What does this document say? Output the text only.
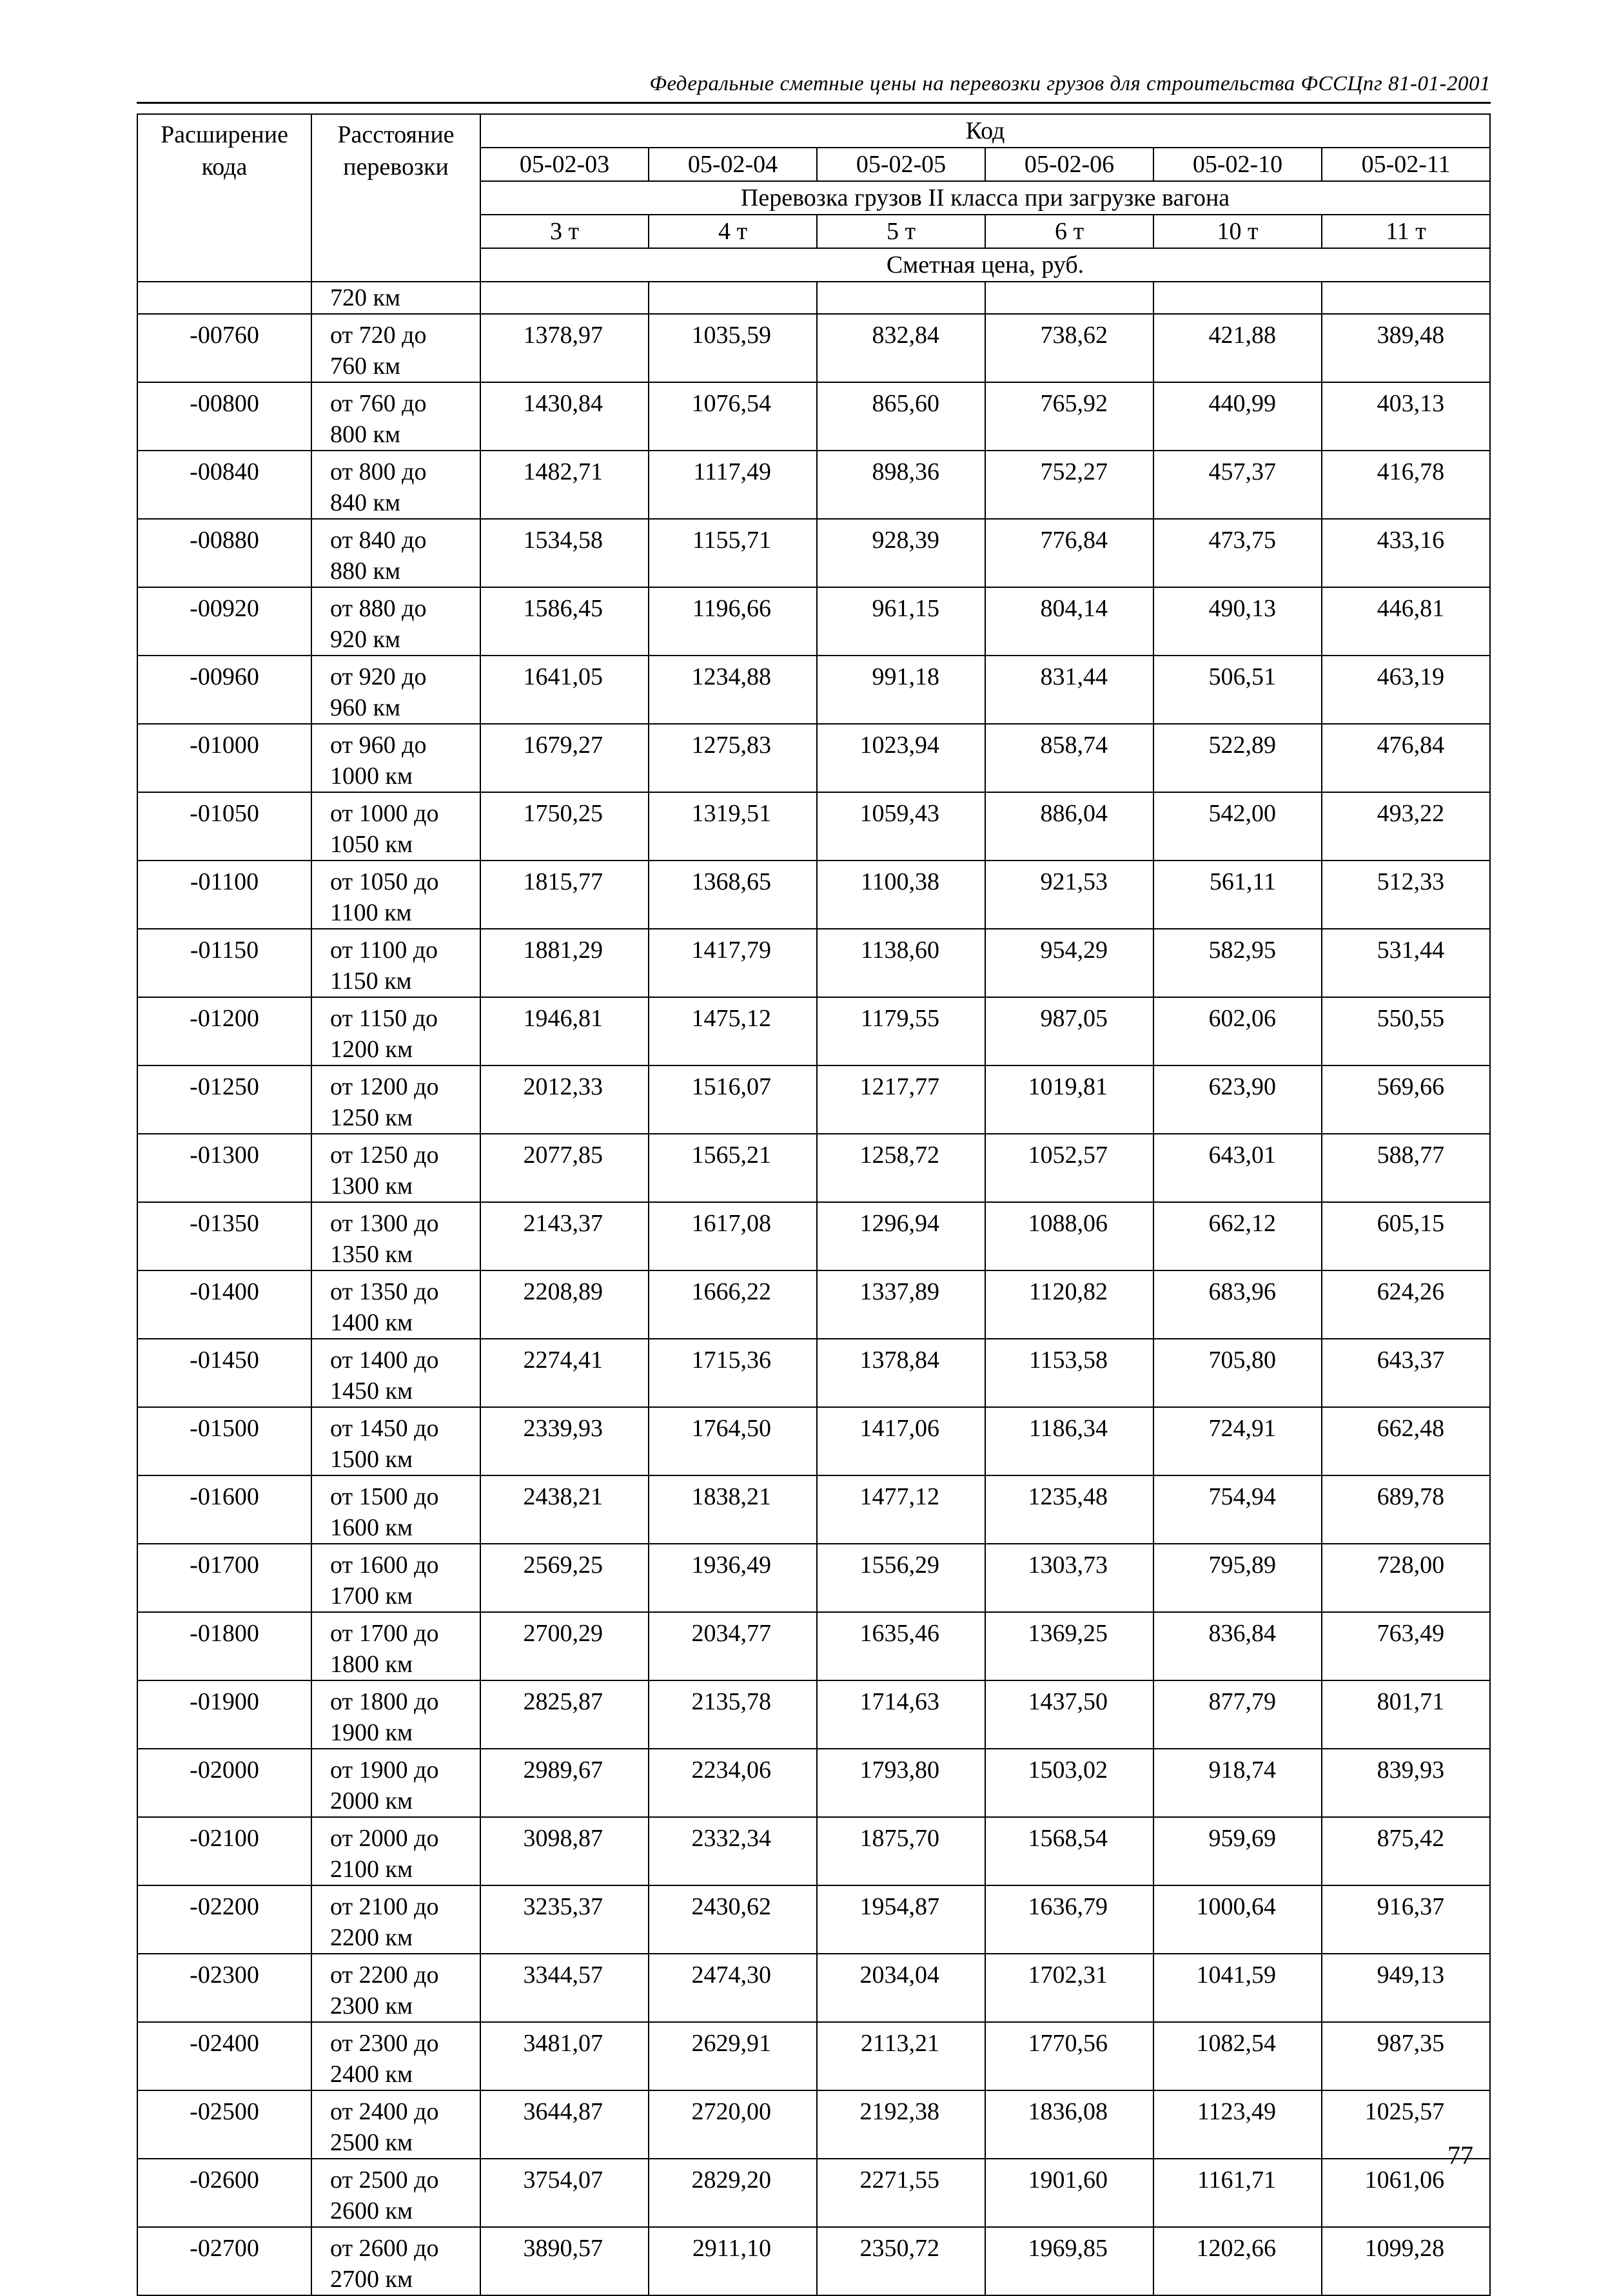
Федеральные сметные цены на перевозки грузов для строительства ФССЦпг 81-01-2001
Расширение кода	Расстояние перевозки	Код					
		05-02-03	05-02-04	05-02-05	05-02-06	05-02-10	05-02-11
		Перевозка грузов II класса при загрузке вагона					
		3 т	4 т	5 т	6 т	10 т	11 т
		Сметная цена, руб.					
	720 км						
-00760	от 720 до
760 км	1378,97	1035,59	832,84	738,62	421,88	389,48
-00800	от 760 до
800 км	1430,84	1076,54	865,60	765,92	440,99	403,13
-00840	от 800 до
840 км	1482,71	1117,49	898,36	752,27	457,37	416,78
-00880	от 840 до
880 км	1534,58	1155,71	928,39	776,84	473,75	433,16
-00920	от 880 до
920 км	1586,45	1196,66	961,15	804,14	490,13	446,81
-00960	от 920 до
960 км	1641,05	1234,88	991,18	831,44	506,51	463,19
-01000	от 960 до
1000 км	1679,27	1275,83	1023,94	858,74	522,89	476,84
-01050	от 1000 до
1050 км	1750,25	1319,51	1059,43	886,04	542,00	493,22
-01100	от 1050 до
1100 км	1815,77	1368,65	1100,38	921,53	561,11	512,33
-01150	от 1100 до
1150 км	1881,29	1417,79	1138,60	954,29	582,95	531,44
-01200	от 1150 до
1200 км	1946,81	1475,12	1179,55	987,05	602,06	550,55
-01250	от 1200 до
1250 км	2012,33	1516,07	1217,77	1019,81	623,90	569,66
-01300	от 1250 до
1300 км	2077,85	1565,21	1258,72	1052,57	643,01	588,77
-01350	от 1300 до
1350 км	2143,37	1617,08	1296,94	1088,06	662,12	605,15
-01400	от 1350 до
1400 км	2208,89	1666,22	1337,89	1120,82	683,96	624,26
-01450	от 1400 до
1450 км	2274,41	1715,36	1378,84	1153,58	705,80	643,37
-01500	от 1450 до
1500 км	2339,93	1764,50	1417,06	1186,34	724,91	662,48
-01600	от 1500 до
1600 км	2438,21	1838,21	1477,12	1235,48	754,94	689,78
-01700	от 1600 до
1700 км	2569,25	1936,49	1556,29	1303,73	795,89	728,00
-01800	от 1700 до
1800 км	2700,29	2034,77	1635,46	1369,25	836,84	763,49
-01900	от 1800 до
1900 км	2825,87	2135,78	1714,63	1437,50	877,79	801,71
-02000	от 1900 до
2000 км	2989,67	2234,06	1793,80	1503,02	918,74	839,93
-02100	от 2000 до
2100 км	3098,87	2332,34	1875,70	1568,54	959,69	875,42
-02200	от 2100 до
2200 км	3235,37	2430,62	1954,87	1636,79	1000,64	916,37
-02300	от 2200 до
2300 км	3344,57	2474,30	2034,04	1702,31	1041,59	949,13
-02400	от 2300 до
2400 км	3481,07	2629,91	2113,21	1770,56	1082,54	987,35
-02500	от 2400 до
2500 км	3644,87	2720,00	2192,38	1836,08	1123,49	1025,57
-02600	от 2500 до
2600 км	3754,07	2829,20	2271,55	1901,60	1161,71	1061,06
-02700	от 2600 до
2700 км	3890,57	2911,10	2350,72	1969,85	1202,66	1099,28
77
